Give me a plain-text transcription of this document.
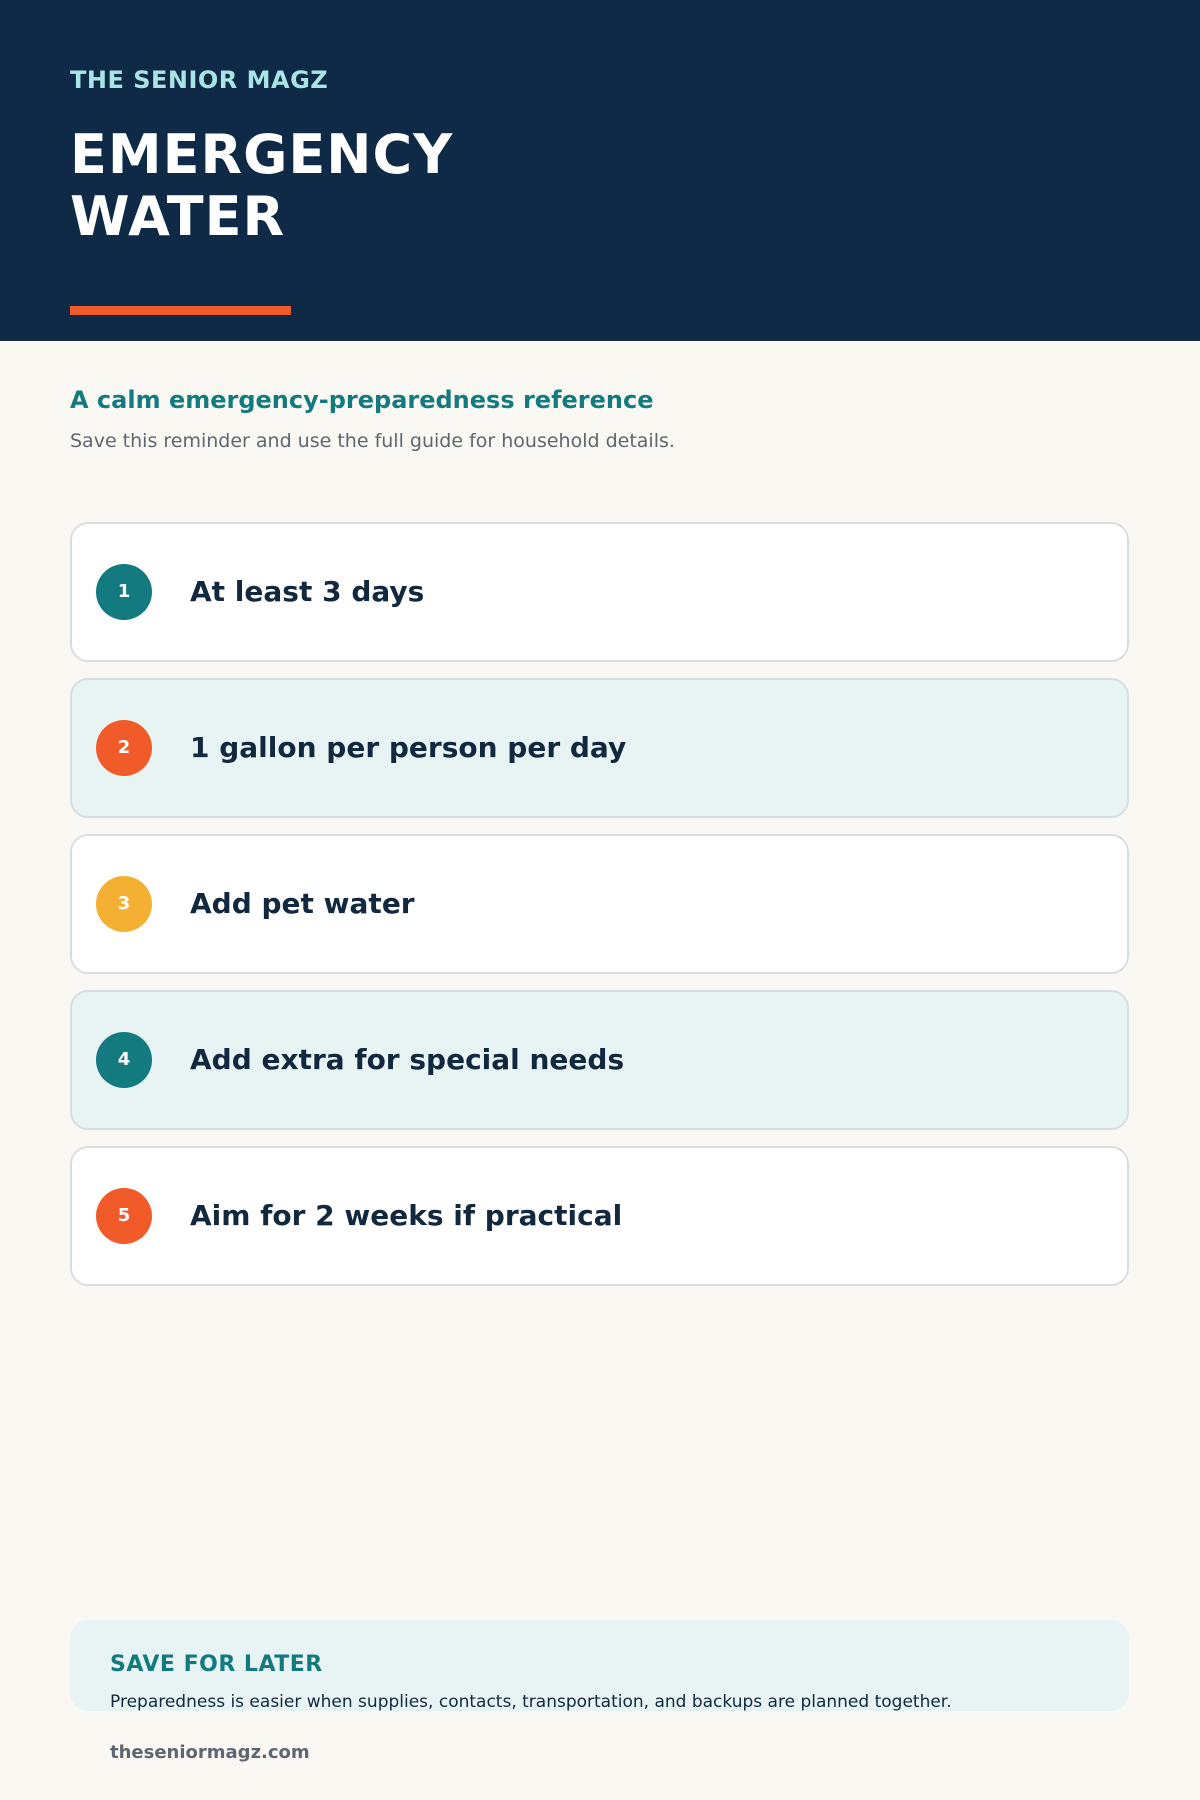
THE SENIOR MAGZ
EMERGENCY
WATER
A calm emergency-preparedness reference
Save this reminder and use the full guide for household details.
1	At least 3 days
2	1 gallon per person per day
3	Add pet water
4	Add extra for special needs
5	Aim for 2 weeks if practical
SAVE FOR LATER
Preparedness is easier when supplies, contacts, transportation, and backups are planned together.
theseniormagz.com
